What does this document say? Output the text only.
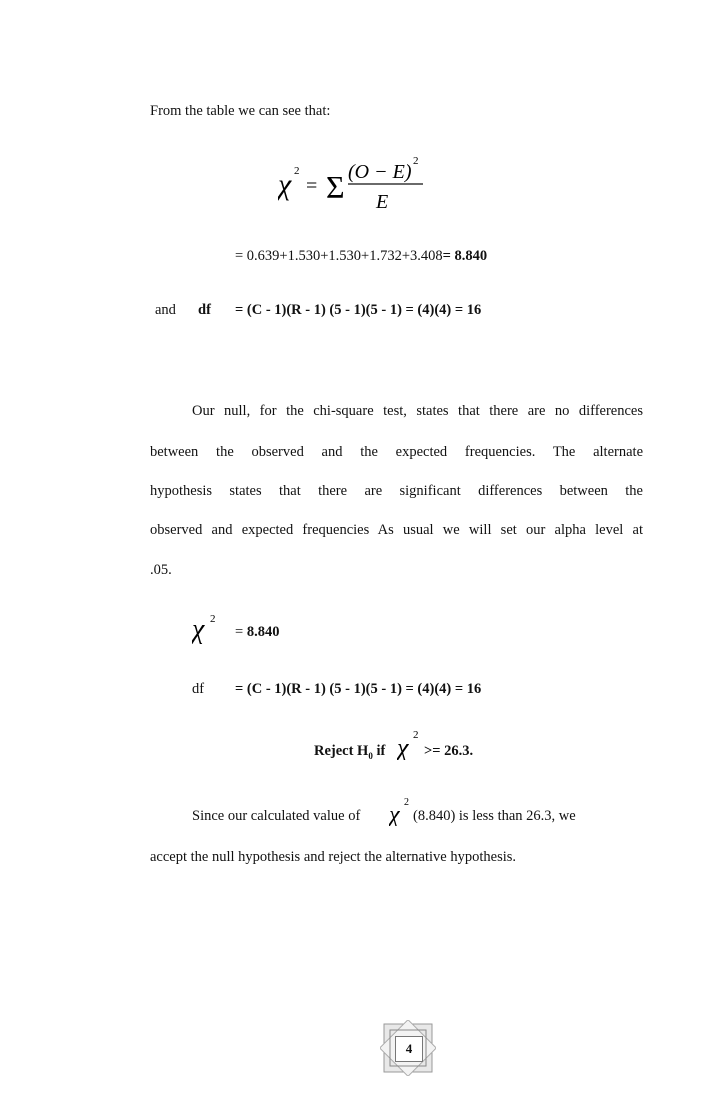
From the table we can see that:
χ 2
= Σ (O − E) 2
E
= 0.639+1.530+1.530+1.732+3.408= 8.840
and df = (C - 1)(R - 1) (5 - 1)(5 - 1) = (4)(4) = 16
Our null, for the chi-square test, states that there are no differences
between the observed and the expected frequencies. The alternate
hypothesis states that there are significant differences between the
observed and expected frequencies As usual we will set our alpha level at
.05.
χ 2
= 8.840
df = (C - 1)(R - 1) (5 - 1)(5 - 1) = (4)(4) = 16
Reject $H_0$ if χ 2
>= 26.3.
Since our calculated value of χ 2
(8.840) is less than 26.3, we
accept the null hypothesis and reject the alternative hypothesis.
4
